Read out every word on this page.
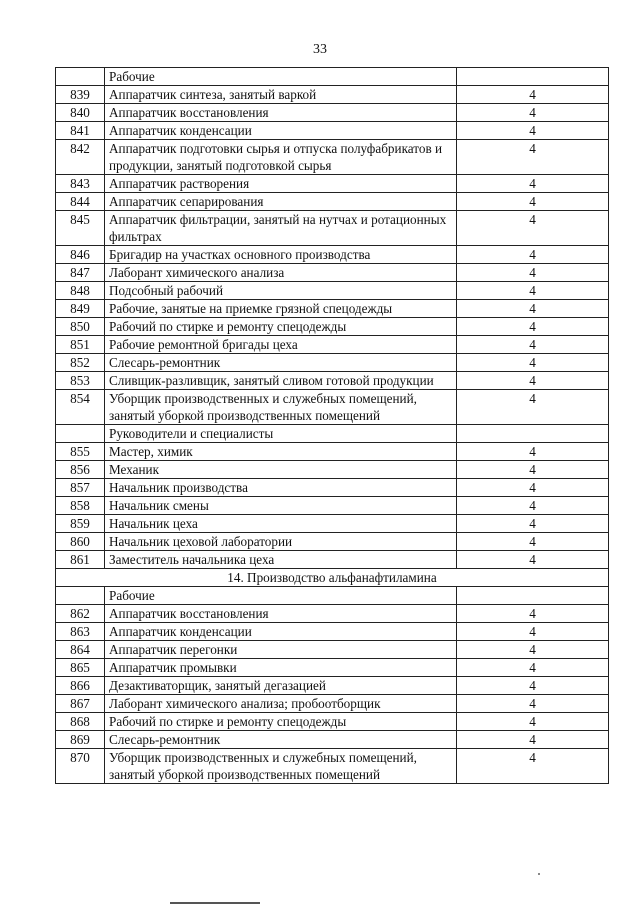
33
	Рабочие	
839	Аппаратчик синтеза, занятый варкой	4
840	Аппаратчик восстановления	4
841	Аппаратчик конденсации	4
842	Аппаратчик подготовки сырья и отпуска полуфабрикатов и продукции, занятый подготовкой сырья	4
843	Аппаратчик растворения	4
844	Аппаратчик сепарирования	4
845	Аппаратчик фильтрации, занятый на нутчах и ротационных фильтрах	4
846	Бригадир на участках основного производства	4
847	Лаборант химического анализа	4
848	Подсобный рабочий	4
849	Рабочие, занятые на приемке грязной спецодежды	4
850	Рабочий по стирке и ремонту спецодежды	4
851	Рабочие ремонтной бригады цеха	4
852	Слесарь-ремонтник	4
853	Сливщик-разливщик, занятый сливом готовой продукции	4
854	Уборщик производственных и служебных помещений, занятый уборкой производственных помещений	4
	Руководители и специалисты	
855	Мастер, химик	4
856	Механик	4
857	Начальник производства	4
858	Начальник смены	4
859	Начальник цеха	4
860	Начальник цеховой лаборатории	4
861	Заместитель начальника цеха	4
14. Производство альфанафтиламина		
	Рабочие	
862	Аппаратчик восстановления	4
863	Аппаратчик конденсации	4
864	Аппаратчик перегонки	4
865	Аппаратчик промывки	4
866	Дезактиваторщик, занятый дегазацией	4
867	Лаборант химического анализа; пробоотборщик	4
868	Рабочий по стирке и ремонту спецодежды	4
869	Слесарь-ремонтник	4
870	Уборщик производственных и служебных помещений, занятый уборкой производственных помещений	4
